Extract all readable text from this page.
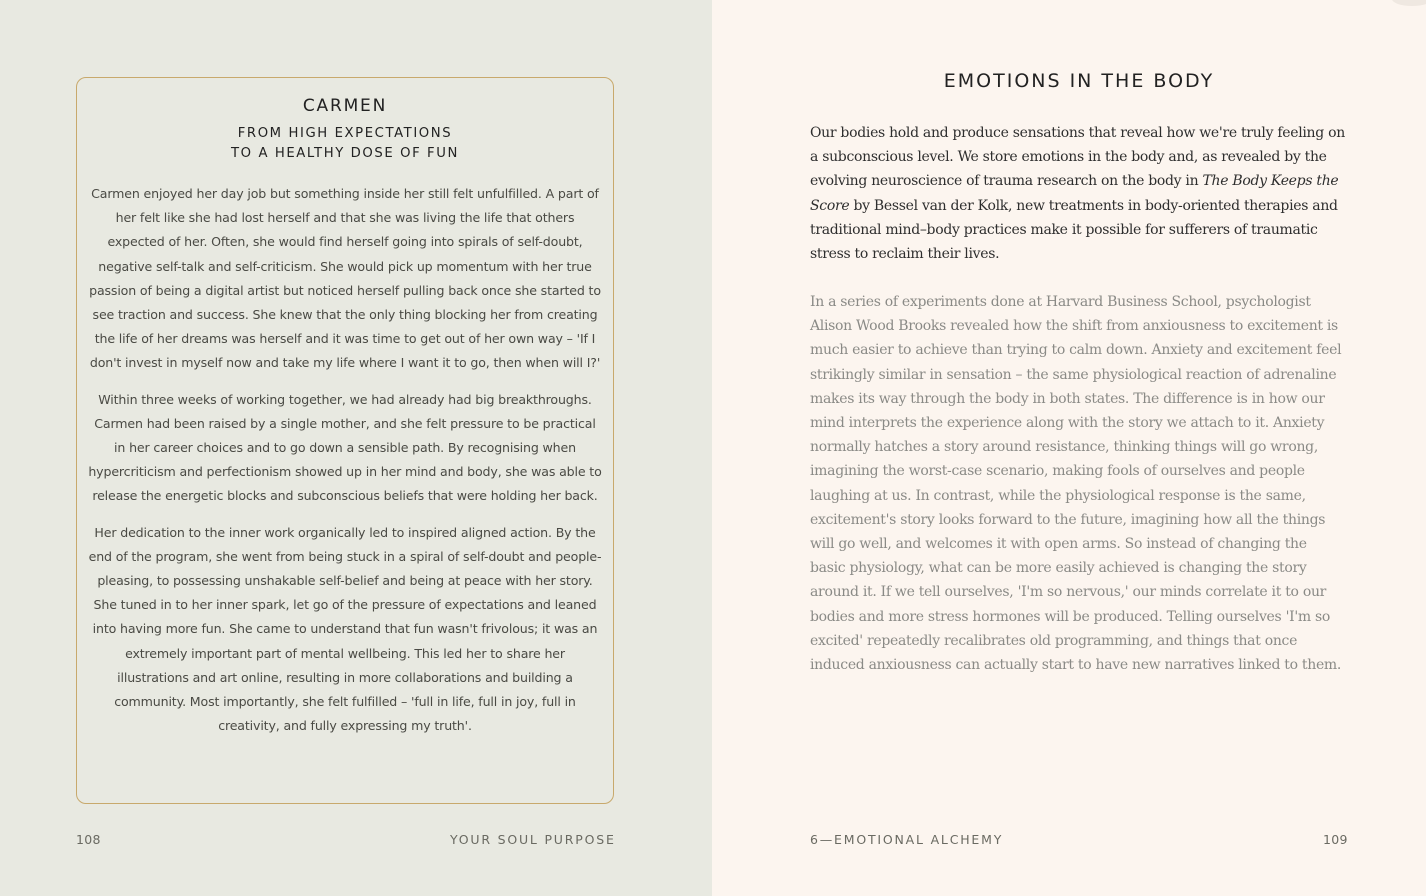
CARMEN
FROM HIGH EXPECTATIONS
TO A HEALTHY DOSE OF FUN

Carmen enjoyed her day job but something inside her still felt unfulfilled. A part of her felt like she had lost herself and that she was living the life that others expected of her. Often, she would find herself going into spirals of self-doubt, negative self-talk and self-criticism. She would pick up momentum with her true passion of being a digital artist but noticed herself pulling back once she started to see traction and success. She knew that the only thing blocking her from creating the life of her dreams was herself and it was time to get out of her own way – 'If I don't invest in myself now and take my life where I want it to go, then when will I?'

Within three weeks of working together, we had already had big breakthroughs. Carmen had been raised by a single mother, and she felt pressure to be practical in her career choices and to go down a sensible path. By recognising when hypercriticism and perfectionism showed up in her mind and body, she was able to release the energetic blocks and subconscious beliefs that were holding her back.

Her dedication to the inner work organically led to inspired aligned action. By the end of the program, she went from being stuck in a spiral of self-doubt and people-pleasing, to possessing unshakable self-belief and being at peace with her story. She tuned in to her inner spark, let go of the pressure of expectations and leaned into having more fun. She came to understand that fun wasn't frivolous; it was an extremely important part of mental wellbeing. This led her to share her illustrations and art online, resulting in more collaborations and building a community. Most importantly, she felt fulfilled – 'full in life, full in joy, full in creativity, and fully expressing my truth'.

108	YOUR SOUL PURPOSE
EMOTIONS IN THE BODY

Our bodies hold and produce sensations that reveal how we're truly feeling on a subconscious level. We store emotions in the body and, as revealed by the evolving neuroscience of trauma research on the body in The Body Keeps the Score by Bessel van der Kolk, new treatments in body-oriented therapies and traditional mind–body practices make it possible for sufferers of traumatic stress to reclaim their lives.

In a series of experiments done at Harvard Business School, psychologist Alison Wood Brooks revealed how the shift from anxiousness to excitement is much easier to achieve than trying to calm down. Anxiety and excitement feel strikingly similar in sensation – the same physiological reaction of adrenaline makes its way through the body in both states. The difference is in how our mind interprets the experience along with the story we attach to it. Anxiety normally hatches a story around resistance, thinking things will go wrong, imagining the worst-case scenario, making fools of ourselves and people laughing at us. In contrast, while the physiological response is the same, excitement's story looks forward to the future, imagining how all the things will go well, and welcomes it with open arms. So instead of changing the basic physiology, what can be more easily achieved is changing the story around it. If we tell ourselves, 'I'm so nervous,' our minds correlate it to our bodies and more stress hormones will be produced. Telling ourselves 'I'm so excited' repeatedly recalibrates old programming, and things that once induced anxiousness can actually start to have new narratives linked to them.

6—EMOTIONAL ALCHEMY	109
